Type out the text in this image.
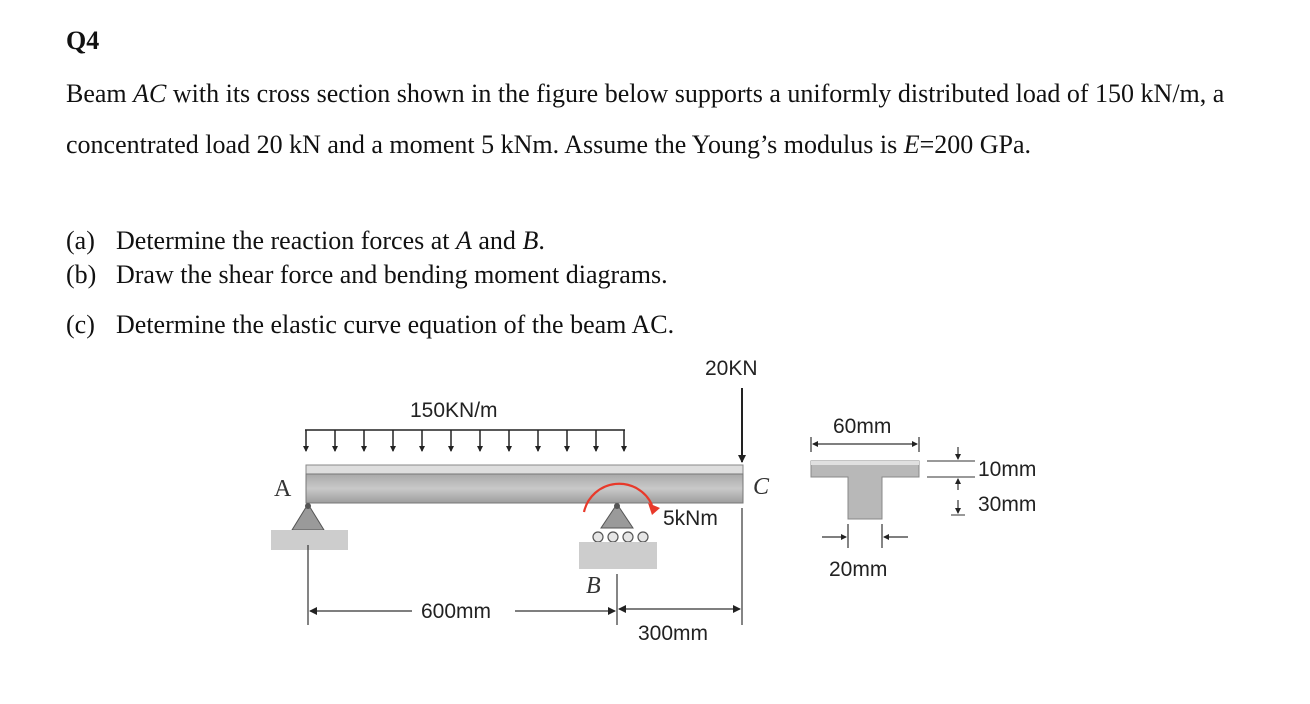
Q4

Beam AC with its cross section shown in the figure below supports a uniformly distributed load of 150 kN/m, a concentrated load 20 kN and a moment 5 kNm. Assume the Young’s modulus is E=200 GPa.

(a) Determine the reaction forces at A and B.

(b) Draw the shear force and bending moment diagrams.

(c) Determine the elastic curve equation of the beam AC.

150KN/m
20KN
A	C
5kNm
600mm
B
300mm
60mm
10mm
30mm
20mm
